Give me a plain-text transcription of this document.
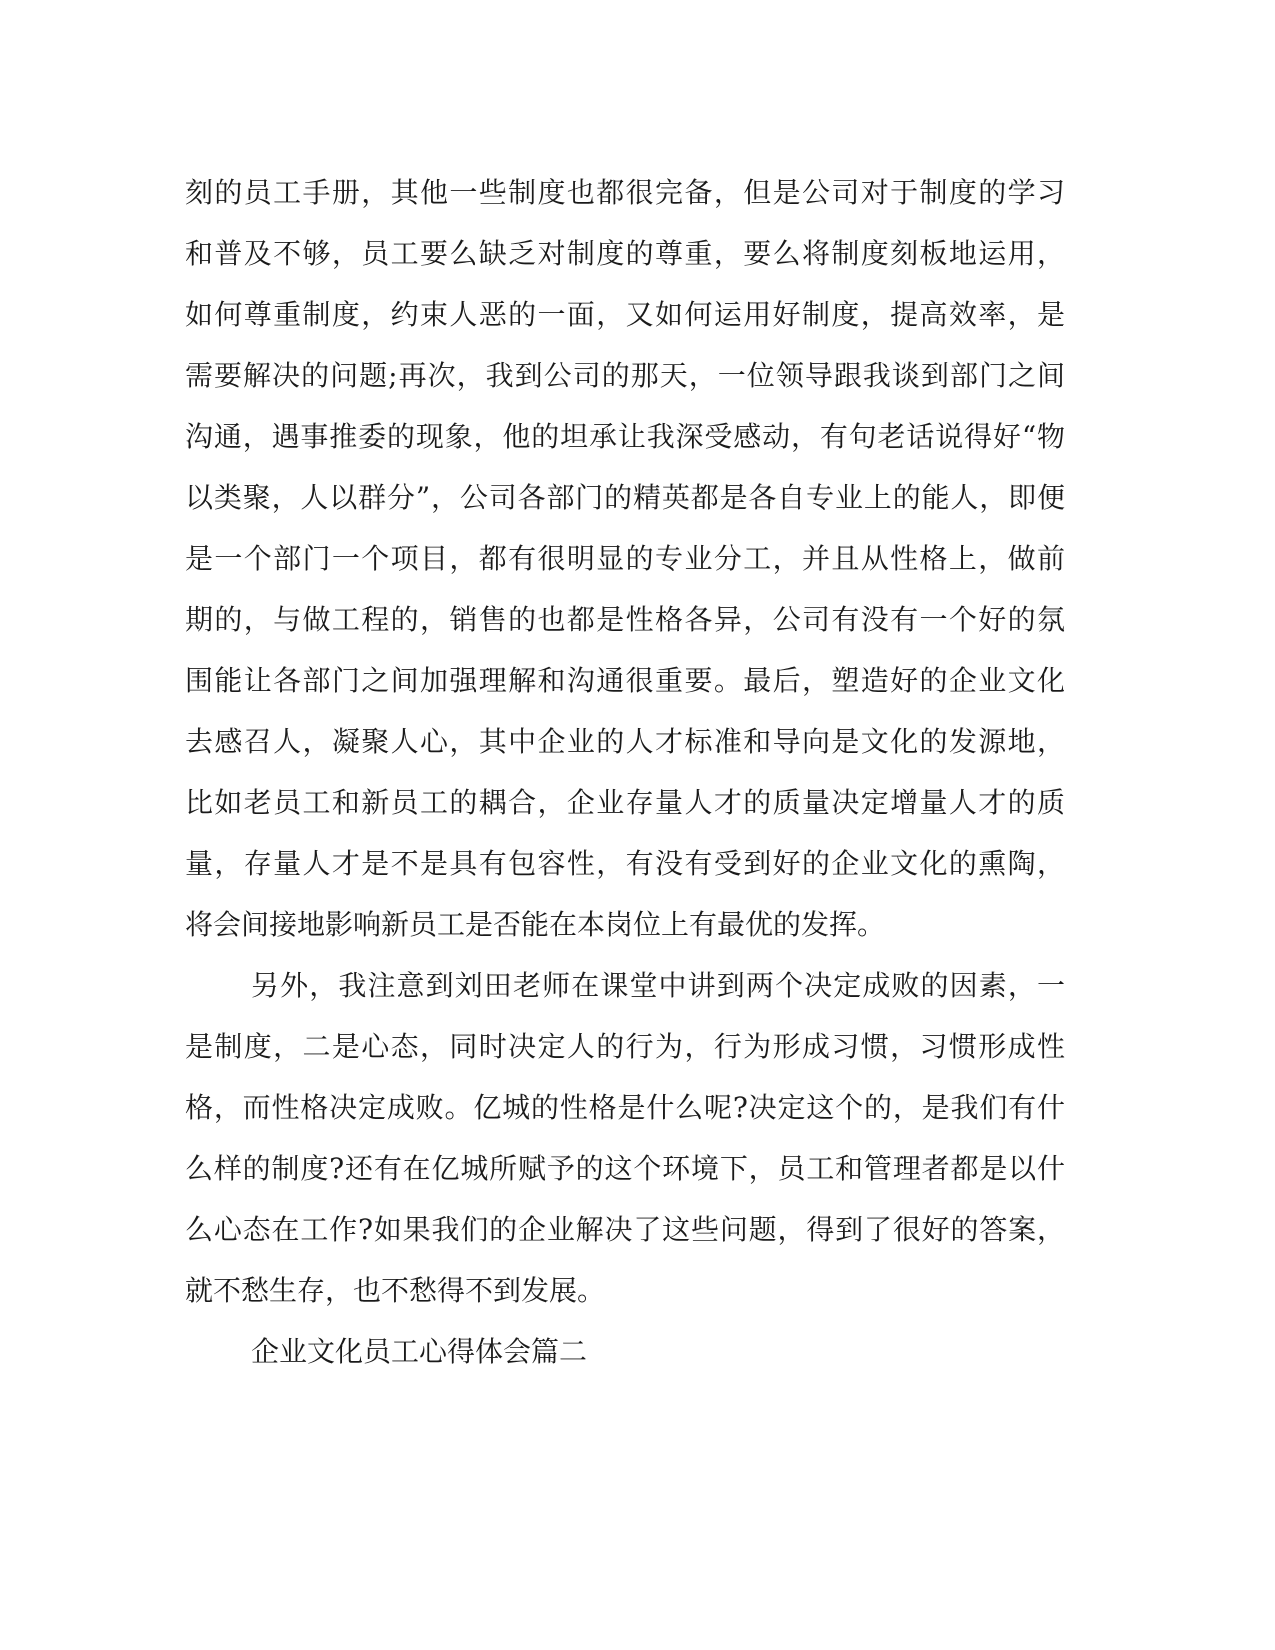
刻的员工手册，其他一些制度也都很完备，但是公司对于制度的学习
和普及不够，员工要么缺乏对制度的尊重，要么将制度刻板地运用，
如何尊重制度，约束人恶的一面，又如何运用好制度，提高效率，是
需要解决的问题;再次，我到公司的那天，一位领导跟我谈到部门之间
沟通，遇事推委的现象，他的坦承让我深受感动，有句老话说得好“物
以类聚，人以群分”，公司各部门的精英都是各自专业上的能人，即便
是一个部门一个项目，都有很明显的专业分工，并且从性格上，做前
期的，与做工程的，销售的也都是性格各异，公司有没有一个好的氛
围能让各部门之间加强理解和沟通很重要。最后，塑造好的企业文化
去感召人，凝聚人心，其中企业的人才标准和导向是文化的发源地，
比如老员工和新员工的耦合，企业存量人才的质量决定增量人才的质
量，存量人才是不是具有包容性，有没有受到好的企业文化的熏陶，
将会间接地影响新员工是否能在本岗位上有最优的发挥。
另外，我注意到刘田老师在课堂中讲到两个决定成败的因素，一
是制度，二是心态，同时决定人的行为，行为形成习惯，习惯形成性
格，而性格决定成败。亿城的性格是什么呢?决定这个的，是我们有什
么样的制度?还有在亿城所赋予的这个环境下，员工和管理者都是以什
么心态在工作?如果我们的企业解决了这些问题，得到了很好的答案，
就不愁生存，也不愁得不到发展。
企业文化员工心得体会篇二
